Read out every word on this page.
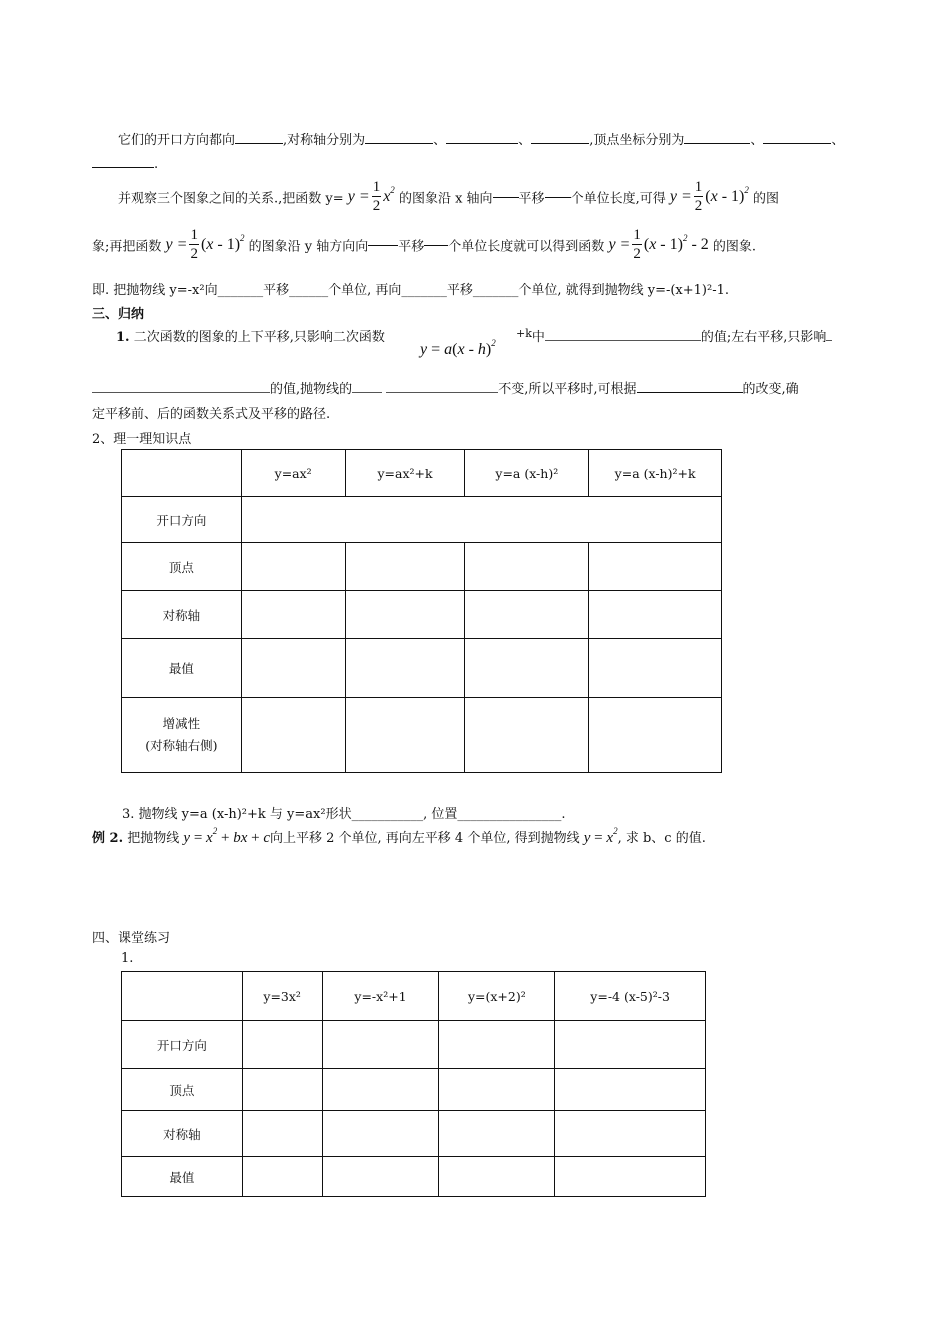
它们的开口方向都向	,对称轴分别为	、	、	,顶点坐标分别为	、	、
.
并观察三个图象之间的关系.,把函数 $y= y = \frac{1}{2} x^2$ 的图象沿 x 轴向 平移 个单位长度,可得 $y = \frac{1}{2} (x - 1)^2$ 的图
象;再把函数 $y = \frac{1}{2} (x - 1)^2$ 的图象沿 y 轴方向向 平移 个单位长度就可以得到函数 $y = \frac{1}{2} (x - 1)^2 - 2$ 的图象.
即. 把抛物线 y=-x²向_______平移______个单位, 再向_______平移_______个单位, 就得到抛物线 y=-(x+1)²-1.
三、归纳
1. 二次函数的图象的上下平移,只影响二次函数
y = a(x - h)$^2$
$^{+k}$中	的值;左右平移,只影响
的值,抛物线的	不变,所以平移时,可根据	的改变,确
定平移前、后的函数关系式及平移的路径.
2、理一理知识点
	y=ax²	y=ax²+k	y=a (x-h)²	y=a (x-h)²+k
开口方向				
顶点				
对称轴				
最值				

增减性
(对称轴右侧)				

3. 抛物线 y=a (x-h)²+k 与 y=ax²形状___________, 位置________________.
例 2. 把抛物线 $y = x^2$ + bx + c向上平移 2 个单位, 再向左平移 4 个单位, 得到抛物线 $y = x^2$, 求 b、c 的值.
四、课堂练习
1.
	y=3x²	y=-x²+1	y=(x+2)²	y=-4 (x-5)²-3
开口方向				
顶点				
对称轴				
最值				
